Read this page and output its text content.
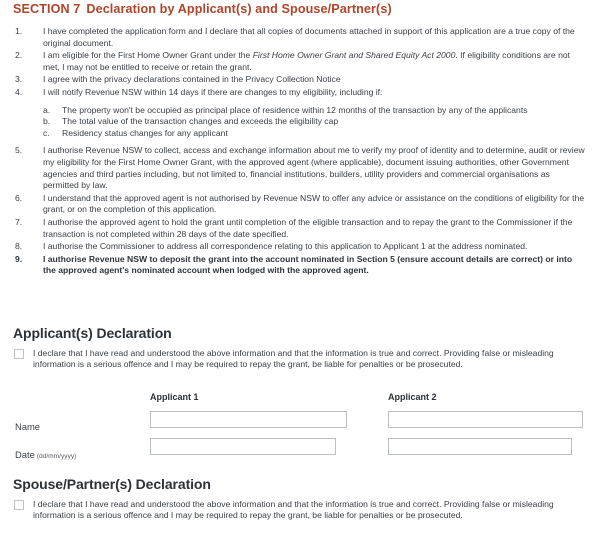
SECTION 7 Declaration by Applicant(s) and Spouse/Partner(s)
1.	I have completed the application form and I declare that all copies of documents attached in support of this application are a true copy of the original document.
2.	I am eligible for the First Home Owner Grant under the First Home Owner Grant and Shared Equity Act 2000. If eligibility conditions are not met, I may not be entitled to receive or retain the grant.
3.	I agree with the privacy declarations contained in the Privacy Collection Notice
4.	I will notify Revenue NSW within 14 days if there are changes to my eligibility, including if:
a.	The property won't be occupied as principal place of residence within 12 months of the transaction by any of the applicants
b.	The total value of the transaction changes and exceeds the eligibility cap
c.	Residency status changes for any applicant
5.	I authorise Revenue NSW to collect, access and exchange information about me to verify my proof of identity and to determine, audit or review my eligibility for the First Home Owner Grant, with the approved agent (where applicable), document issuing authorities, other Government agencies and third parties including, but not limited to, financial institutions, builders, utility providers and commercial organisations as permitted by law.
6.	I understand that the approved agent is not authorised by Revenue NSW to offer any advice or assistance on the conditions of eligibility for the grant, or on the completion of this application.
7.	I authorise the approved agent to hold the grant until completion of the eligible transaction and to repay the grant to the Commissioner if the transaction is not completed within 28 days of the date specified.
8.	I authorise the Commissioner to address all correspondence relating to this application to Applicant 1 at the address nominated.
9.	I authorise Revenue NSW to deposit the grant into the account nominated in Section 5 (ensure account details are correct) or into the approved agent's nominated account when lodged with the approved agent.
Applicant(s) Declaration
I declare that I have read and understood the above information and that the information is true and correct. Providing false or misleading information is a serious offence and I may be required to repay the grant, be liable for penalties or be prosecuted.
Applicant 1	Applicant 2
Name
Date (dd/mm/yyyy)
Spouse/Partner(s) Declaration
I declare that I have read and understood the above information and that the information is true and correct. Providing false or misleading information is a serious offence and I may be required to repay the grant, be liable for penalties or be prosecuted.
